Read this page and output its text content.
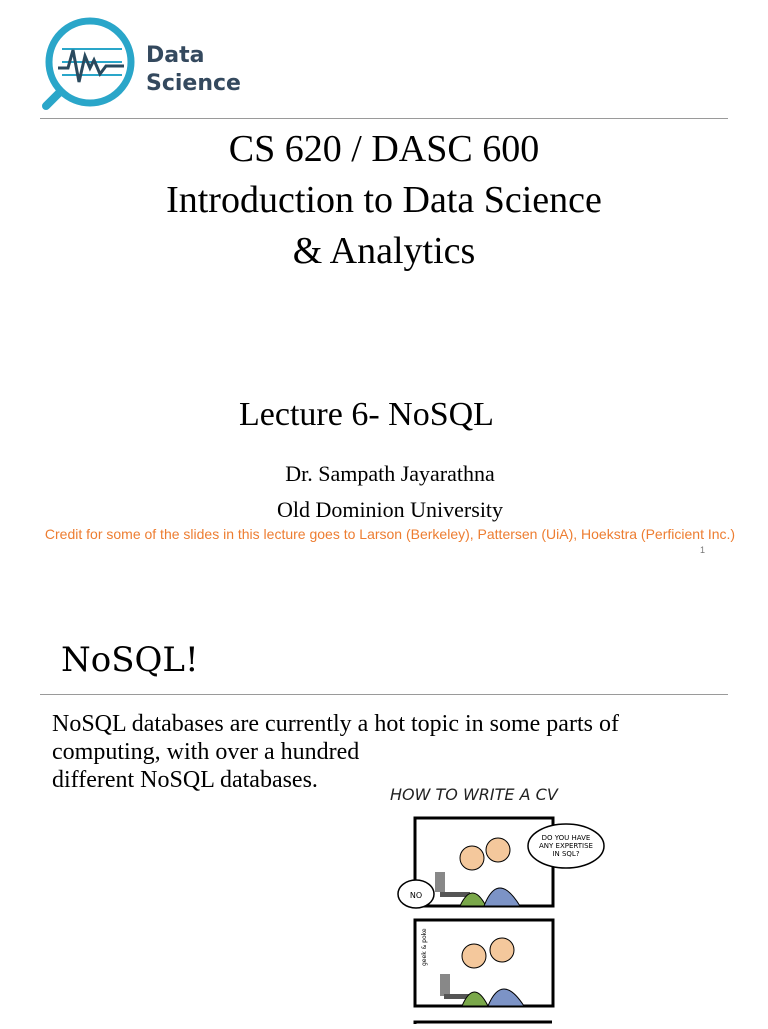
Data
Science
CS 620 / DASC 600
Introduction to Data Science
& Analytics
Lecture 6- NoSQL
Dr. Sampath Jayarathna
Old Dominion University
Credit for some of the slides in this lecture goes to Larson (Berkeley), Pattersen (UiA), Hoekstra (Perficient Inc.)
1
NoSQL!
NoSQL databases are currently a hot topic in some parts of
computing, with over a hundred
different NoSQL databases.
HOW TO WRITE A CV
DO YOU HAVE
ANY EXPERTISE
IN SQL?
NO
geek & poke
